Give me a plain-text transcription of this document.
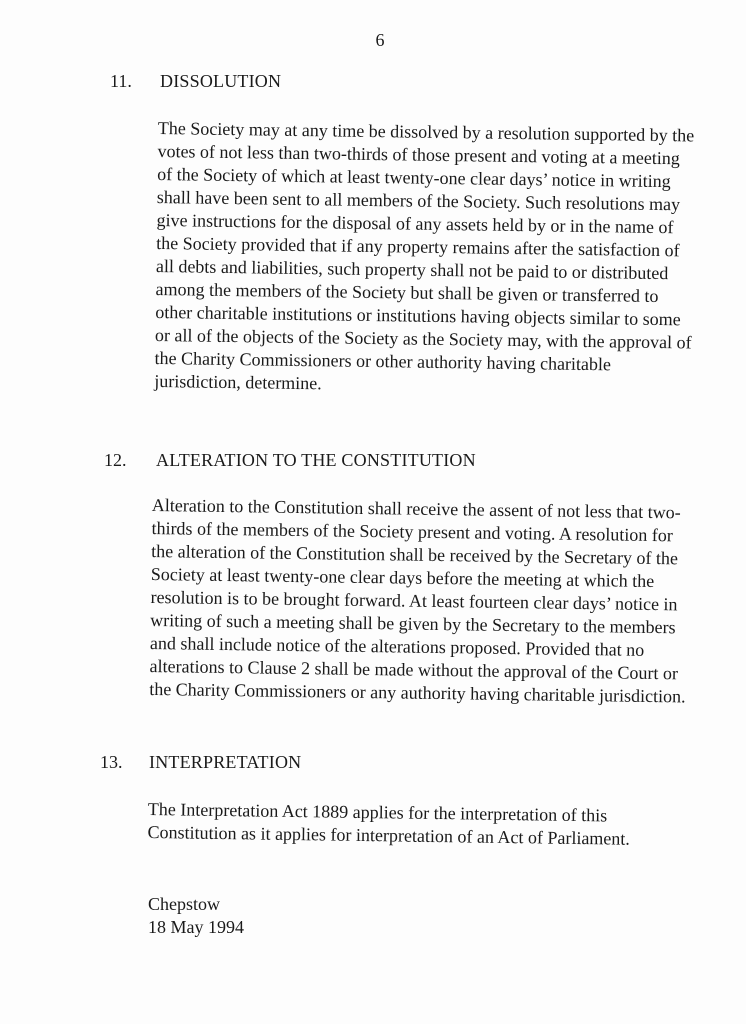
6
11. DISSOLUTION

The Society may at any time be dissolved by a resolution supported by the votes of not less than two-thirds of those present and voting at a meeting of the Society of which at least twenty-one clear days’ notice in writing shall have been sent to all members of the Society. Such resolutions may give instructions for the disposal of any assets held by or in the name of the Society provided that if any property remains after the satisfaction of all debts and liabilities, such property shall not be paid to or distributed among the members of the Society but shall be given or transferred to other charitable institutions or institutions having objects similar to some or all of the objects of the Society as the Society may, with the approval of the Charity Commissioners or other authority having charitable jurisdiction, determine.

12. ALTERATION TO THE CONSTITUTION

Alteration to the Constitution shall receive the assent of not less that two-thirds of the members of the Society present and voting. A resolution for the alteration of the Constitution shall be received by the Secretary of the Society at least twenty-one clear days before the meeting at which the resolution is to be brought forward. At least fourteen clear days’ notice in writing of such a meeting shall be given by the Secretary to the members and shall include notice of the alterations proposed. Provided that no alterations to Clause 2 shall be made without the approval of the Court or the Charity Commissioners or any authority having charitable jurisdiction.

13. INTERPRETATION

The Interpretation Act 1889 applies for the interpretation of this Constitution as it applies for interpretation of an Act of Parliament.

Chepstow
18 May 1994
